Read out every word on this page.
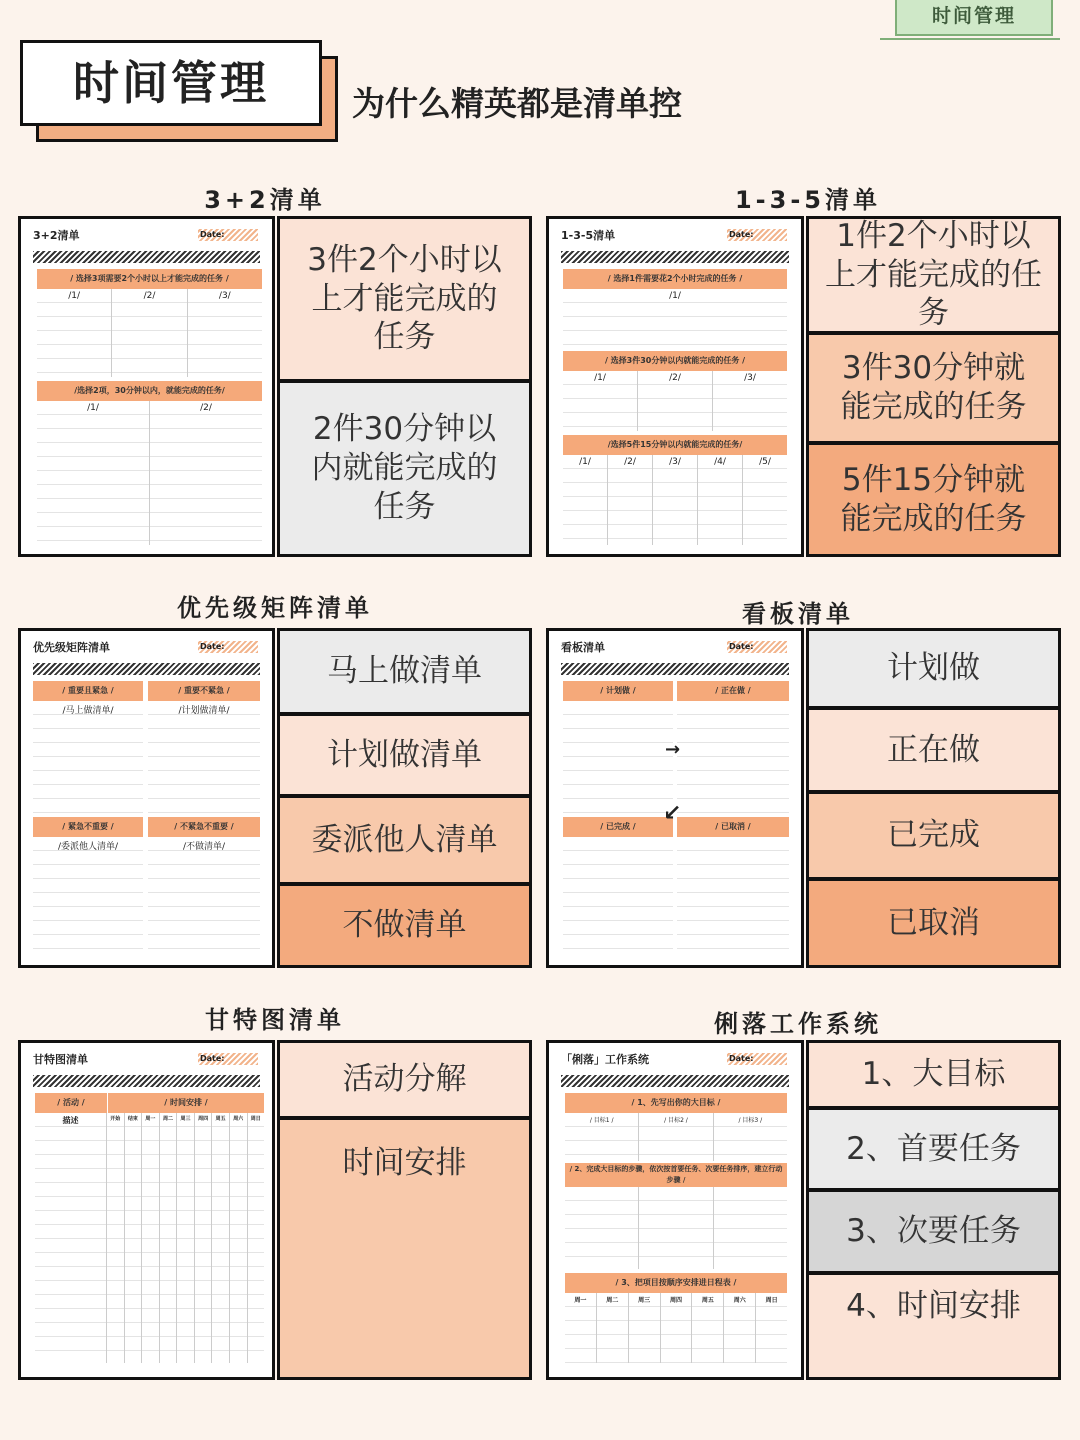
时间管理
时间管理	为什么精英都是清单控
3+2清单
3+2清单	Date:
/ 选择3项需要2个小时以上才能完成的任务 /
/1/	/2/	/3/
/选择2项，30分钟以内，就能完成的任务/
/1/	/2/
3件2个小时以上才能完成的任务
2件30分钟以内就能完成的任务
1-3-5清单
1-3-5清单	Date:
/ 选择1件需要花2个小时完成的任务 /
/1/
/ 选择3件30分钟以内就能完成的任务 /
/1/	/2/	/3/
/选择5件15分钟以内就能完成的任务/
/1/	/2/	/3/	/4/	/5/
1件2个小时以上才能完成的任务
3件30分钟就能完成的任务
5件15分钟就能完成的任务
优先级矩阵清单
优先级矩阵清单	Date:
/ 重要且紧急 /	/ 重要不紧急 /
/马上做清单/	/计划做清单/
/ 紧急不重要 /	/ 不紧急不重要 /
/委派他人清单/	/不做清单/
马上做清单
计划做清单
委派他人清单
不做清单
看板清单
看板清单	Date:
/ 计划做 /	/ 正在做 /
/ 已完成 /	/ 已取消 /
→
↙
计划做
正在做
已完成
已取消
甘特图清单
甘特图清单	Date:
/ 活动 /	/ 时间安排 /
描述	开始	结束	周一	周二	周三	周四	周五	周六	周日
活动分解
时间安排
俐落工作系统
「俐落」工作系统	Date:
/ 1、先写出你的大目标 /
/ 目标1 /	/ 目标2 /	/ 目标3 /
/ 2、完成大目标的步骤，依次按首要任务、次要任务排序，建立行动步骤 /
/ 3、把项目按顺序安排进日程表 /
周一	周二	周三	周四	周五	周六	周日
1、大目标
2、首要任务
3、次要任务
4、时间安排
